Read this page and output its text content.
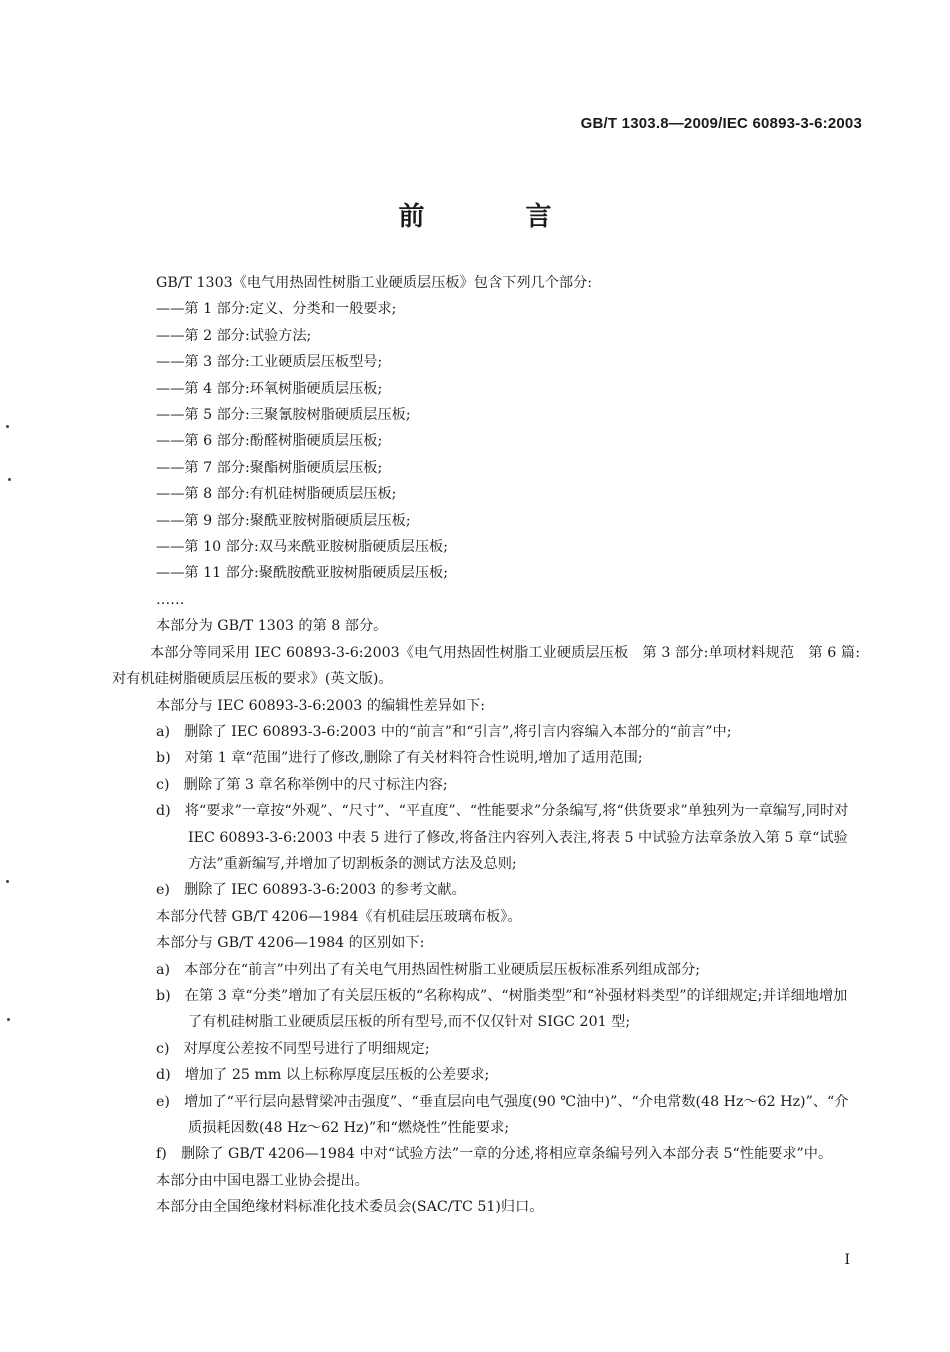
GB/T 1303.8—2009/IEC 60893-3-6:2003
前 言

GB/T 1303《电气用热固性树脂工业硬质层压板》包含下列几个部分:

——第 1 部分:定义、分类和一般要求;

——第 2 部分:试验方法;

——第 3 部分:工业硬质层压板型号;

——第 4 部分:环氧树脂硬质层压板;

——第 5 部分:三聚氰胺树脂硬质层压板;

——第 6 部分:酚醛树脂硬质层压板;

——第 7 部分:聚酯树脂硬质层压板;

——第 8 部分:有机硅树脂硬质层压板;

——第 9 部分:聚酰亚胺树脂硬质层压板;

——第 10 部分:双马来酰亚胺树脂硬质层压板;

——第 11 部分:聚酰胺酰亚胺树脂硬质层压板;

……

本部分为 GB/T 1303 的第 8 部分。

本部分等同采用 IEC 60893-3-6:2003《电气用热固性树脂工业硬质层压板　第 3 部分:单项材料规范　第 6 篇:对有机硅树脂硬质层压板的要求》(英文版)。

本部分与 IEC 60893-3-6:2003 的编辑性差异如下:

a)　删除了 IEC 60893-3-6:2003 中的“前言”和“引言”,将引言内容编入本部分的“前言”中;

b)　对第 1 章“范围”进行了修改,删除了有关材料符合性说明,增加了适用范围;

c)　删除了第 3 章名称举例中的尺寸标注内容;

d)　将“要求”一章按“外观”、“尺寸”、“平直度”、“性能要求”分条编写,将“供货要求”单独列为一章编写,同时对 IEC 60893-3-6:2003 中表 5 进行了修改,将备注内容列入表注,将表 5 中试验方法章条放入第 5 章“试验方法”重新编写,并增加了切割板条的测试方法及总则;

e)　删除了 IEC 60893-3-6:2003 的参考文献。

本部分代替 GB/T 4206—1984《有机硅层压玻璃布板》。

本部分与 GB/T 4206—1984 的区别如下:

a)　本部分在“前言”中列出了有关电气用热固性树脂工业硬质层压板标准系列组成部分;

b)　在第 3 章“分类”增加了有关层压板的“名称构成”、“树脂类型”和“补强材料类型”的详细规定;并详细地增加了有机硅树脂工业硬质层压板的所有型号,而不仅仅针对 SIGC 201 型;

c)　对厚度公差按不同型号进行了明细规定;

d)　增加了 25 mm 以上标称厚度层压板的公差要求;

e)　增加了“平行层向悬臂梁冲击强度”、“垂直层向电气强度(90 ℃油中)”、“介电常数(48 Hz～62 Hz)”、“介质损耗因数(48 Hz～62 Hz)”和“燃烧性”性能要求;

f)　删除了 GB/T 4206—1984 中对“试验方法”一章的分述,将相应章条编号列入本部分表 5“性能要求”中。

本部分由中国电器工业协会提出。

本部分由全国绝缘材料标准化技术委员会(SAC/TC 51)归口。

I
